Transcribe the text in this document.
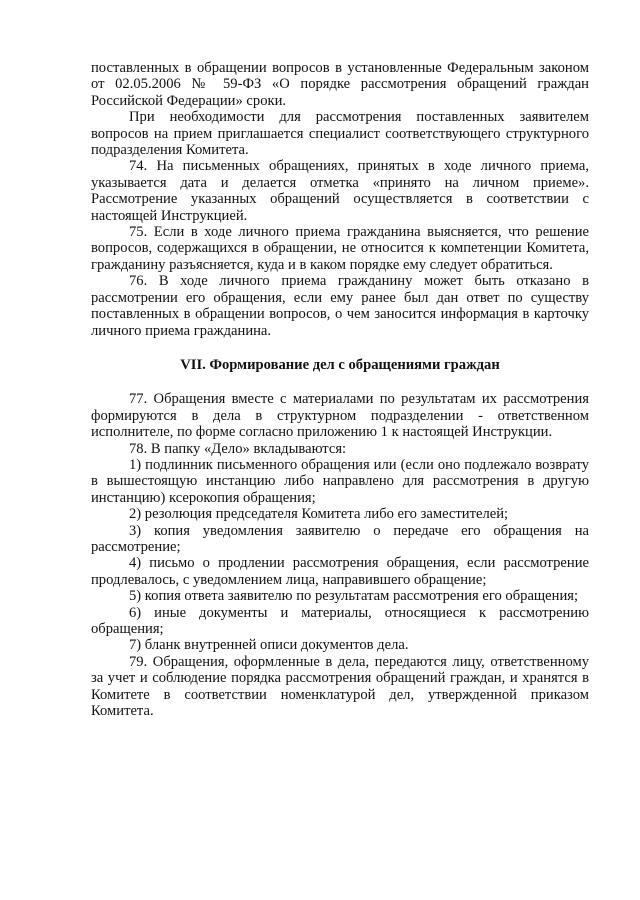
поставленных в обращении вопросов в установленные Федеральным законом от 02.05.2006 № 59-ФЗ «О порядке рассмотрения обращений граждан Российской Федерации» сроки.

При необходимости для рассмотрения поставленных заявителем вопросов на прием приглашается специалист соответствующего структурного подразделения Комитета.

74. На письменных обращениях, принятых в ходе личного приема, указывается дата и делается отметка «принято на личном приеме». Рассмотрение указанных обращений осуществляется в соответствии с настоящей Инструкцией.

75. Если в ходе личного приема гражданина выясняется, что решение вопросов, содержащихся в обращении, не относится к компетенции Комитета, гражданину разъясняется, куда и в каком порядке ему следует обратиться.

76. В ходе личного приема гражданину может быть отказано в рассмотрении его обращения, если ему ранее был дан ответ по существу поставленных в обращении вопросов, о чем заносится информация в карточку личного приема гражданина.

VII. Формирование дел с обращениями граждан

77. Обращения вместе с материалами по результатам их рассмотрения формируются в дела в структурном подразделении - ответственном исполнителе, по форме согласно приложению 1 к настоящей Инструкции.

78. В папку «Дело» вкладываются:

1) подлинник письменного обращения или (если оно подлежало возврату в вышестоящую инстанцию либо направлено для рассмотрения в другую инстанцию) ксерокопия обращения;

2) резолюция председателя Комитета либо его заместителей;

3) копия уведомления заявителю о передаче его обращения на рассмотрение;

4) письмо о продлении рассмотрения обращения, если рассмотрение продлевалось, с уведомлением лица, направившего обращение;

5) копия ответа заявителю по результатам рассмотрения его обращения;

6) иные документы и материалы, относящиеся к рассмотрению обращения;

7) бланк внутренней описи документов дела.

79. Обращения, оформленные в дела, передаются лицу, ответственному за учет и соблюдение порядка рассмотрения обращений граждан, и хранятся в Комитете в соответствии номенклатурой дел, утвержденной приказом Комитета.
